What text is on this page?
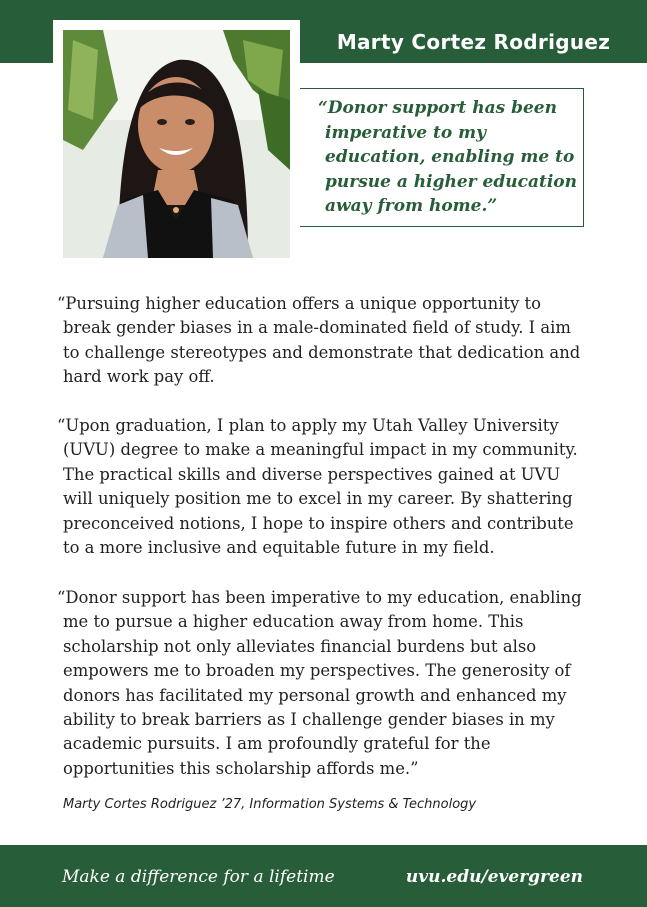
Marty Cortez Rodriguez
“Donor support has been imperative to my education, enabling me to pursue a higher education away from home.”
“Pursuing higher education offers a unique opportunity to break gender biases in a male-dominated field of study. I aim to challenge stereotypes and demonstrate that dedication and hard work pay off.
“Upon graduation, I plan to apply my Utah Valley University (UVU) degree to make a meaningful impact in my community. The practical skills and diverse perspectives gained at UVU will uniquely position me to excel in my career. By shattering preconceived notions, I hope to inspire others and contribute to a more inclusive and equitable future in my field.
“Donor support has been imperative to my education, enabling me to pursue a higher education away from home. This scholarship not only alleviates financial burdens but also empowers me to broaden my perspectives. The generosity of donors has facilitated my personal growth and enhanced my ability to break barriers as I challenge gender biases in my academic pursuits. I am profoundly grateful for the opportunities this scholarship affords me.”
Marty Cortes Rodriguez ’27, Information Systems & Technology
Make a difference for a lifetime	uvu.edu/evergreen
